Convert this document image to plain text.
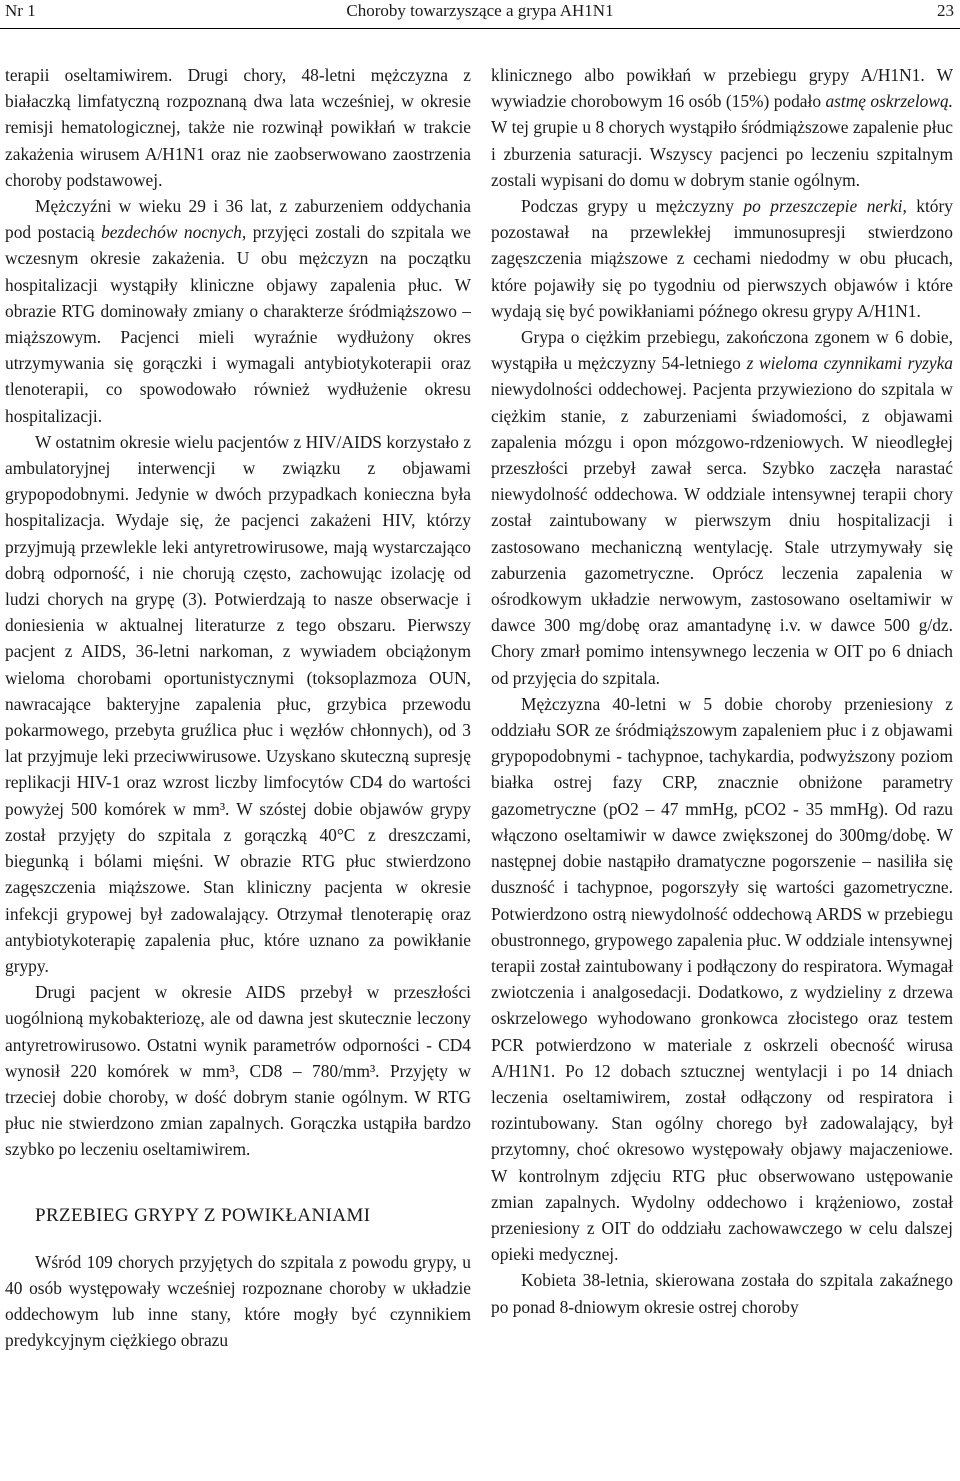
Nr 1	Choroby towarzyszące a grypa AH1N1	23

terapii oseltamiwirem. Drugi chory, 48-letni mężczyzna z białaczką limfatyczną rozpoznaną dwa lata wcześniej, w okresie remisji hematologicznej, także nie rozwinął powikłań w trakcie zakażenia wirusem A/H1N1 oraz nie zaobserwowano zaostrzenia choroby podstawowej.

Mężczyźni w wieku 29 i 36 lat, z zaburzeniem oddychania pod postacią bezdechów nocnych, przyjęci zostali do szpitala we wczesnym okresie zakażenia. U obu mężczyzn na początku hospitalizacji wystąpiły kliniczne objawy zapalenia płuc. W obrazie RTG dominowały zmiany o charakterze śródmiąższowo – miąższowym. Pacjenci mieli wyraźnie wydłużony okres utrzymywania się gorączki i wymagali antybiotykoterapii oraz tlenoterapii, co spowodowało również wydłużenie okresu hospitalizacji.

W ostatnim okresie wielu pacjentów z HIV/AIDS korzystało z ambulatoryjnej interwencji w związku z objawami grypopodobnymi. Jedynie w dwóch przypadkach konieczna była hospitalizacja. Wydaje się, że pacjenci zakażeni HIV, którzy przyjmują przewlekle leki antyretrowirusowe, mają wystarczająco dobrą odporność, i nie chorują często, zachowując izolację od ludzi chorych na grypę (3). Potwierdzają to nasze obserwacje i doniesienia w aktualnej literaturze z tego obszaru. Pierwszy pacjent z AIDS, 36-letni narkoman, z wywiadem obciążonym wieloma chorobami oportunistycznymi (toksoplazmoza OUN, nawracające bakteryjne zapalenia płuc, grzybica przewodu pokarmowego, przebyta gruźlica płuc i węzłów chłonnych), od 3 lat przyjmuje leki przeciwwirusowe. Uzyskano skuteczną supresję replikacji HIV-1 oraz wzrost liczby limfocytów CD4 do wartości powyżej 500 komórek w mm³. W szóstej dobie objawów grypy został przyjęty do szpitala z gorączką 40°C z dreszczami, biegunką i bólami mięśni. W obrazie RTG płuc stwierdzono zagęszczenia miąższowe. Stan kliniczny pacjenta w okresie infekcji grypowej był zadowalający. Otrzymał tlenoterapię oraz antybiotykoterapię zapalenia płuc, które uznano za powikłanie grypy.

Drugi pacjent w okresie AIDS przebył w przeszłości uogólnioną mykobakteriozę, ale od dawna jest skutecznie leczony antyretrowirusowo. Ostatni wynik parametrów odporności - CD4 wynosił 220 komórek w mm³, CD8 – 780/mm³. Przyjęty w trzeciej dobie choroby, w dość dobrym stanie ogólnym. W RTG płuc nie stwierdzono zmian zapalnych. Gorączka ustąpiła bardzo szybko po leczeniu oseltamiwirem.

PRZEBIEG GRYPY Z POWIKŁANIAMI

Wśród 109 chorych przyjętych do szpitala z powodu grypy, u 40 osób występowały wcześniej rozpoznane choroby w układzie oddechowym lub inne stany, które mogły być czynnikiem predykcyjnym ciężkiego obrazu

klinicznego albo powikłań w przebiegu grypy A/H1N1. W wywiadzie chorobowym 16 osób (15%) podało astmę oskrzelową. W tej grupie u 8 chorych wystąpiło śródmiąższowe zapalenie płuc i zburzenia saturacji. Wszyscy pacjenci po leczeniu szpitalnym zostali wypisani do domu w dobrym stanie ogólnym.

Podczas grypy u mężczyzny po przeszczepie nerki, który pozostawał na przewlekłej immunosupresji stwierdzono zagęszczenia miąższowe z cechami niedodmy w obu płucach, które pojawiły się po tygodniu od pierwszych objawów i które wydają się być powikłaniami późnego okresu grypy A/H1N1.

Grypa o ciężkim przebiegu, zakończona zgonem w 6 dobie, wystąpiła u mężczyzny 54-letniego z wieloma czynnikami ryzyka niewydolności oddechowej. Pacjenta przywieziono do szpitala w ciężkim stanie, z zaburzeniami świadomości, z objawami zapalenia mózgu i opon mózgowo-rdzeniowych. W nieodległej przeszłości przebył zawał serca. Szybko zaczęła narastać niewydolność oddechowa. W oddziale intensywnej terapii chory został zaintubowany w pierwszym dniu hospitalizacji i zastosowano mechaniczną wentylację. Stale utrzymywały się zaburzenia gazometryczne. Oprócz leczenia zapalenia w ośrodkowym układzie nerwowym, zastosowano oseltamiwir w dawce 300 mg/dobę oraz amantadynę i.v. w dawce 500 g/dz. Chory zmarł pomimo intensywnego leczenia w OIT po 6 dniach od przyjęcia do szpitala.

Mężczyzna 40-letni w 5 dobie choroby przeniesiony z oddziału SOR ze śródmiąższowym zapaleniem płuc i z objawami grypopodobnymi - tachypnoe, tachykardia, podwyższony poziom białka ostrej fazy CRP, znacznie obniżone parametry gazometryczne (pO2 – 47 mmHg, pCO2 - 35 mmHg). Od razu włączono oseltamiwir w dawce zwiększonej do 300mg/dobę. W następnej dobie nastąpiło dramatyczne pogorszenie – nasiliła się duszność i tachypnoe, pogorszyły się wartości gazometryczne. Potwierdzono ostrą niewydolność oddechową ARDS w przebiegu obustronnego, grypowego zapalenia płuc. W oddziale intensywnej terapii został zaintubowany i podłączony do respiratora. Wymagał zwiotczenia i analgosedacji. Dodatkowo, z wydzieliny z drzewa oskrzelowego wyhodowano gronkowca złocistego oraz testem PCR potwierdzono w materiale z oskrzeli obecność wirusa A/H1N1. Po 12 dobach sztucznej wentylacji i po 14 dniach leczenia oseltamiwirem, został odłączony od respiratora i rozintubowany. Stan ogólny chorego był zadowalający, był przytomny, choć okresowo występowały objawy majaczeniowe. W kontrolnym zdjęciu RTG płuc obserwowano ustępowanie zmian zapalnych. Wydolny oddechowo i krążeniowo, został przeniesiony z OIT do oddziału zachowawczego w celu dalszej opieki medycznej.

Kobieta 38-letnia, skierowana została do szpitala zakaźnego po ponad 8-dniowym okresie ostrej choroby
